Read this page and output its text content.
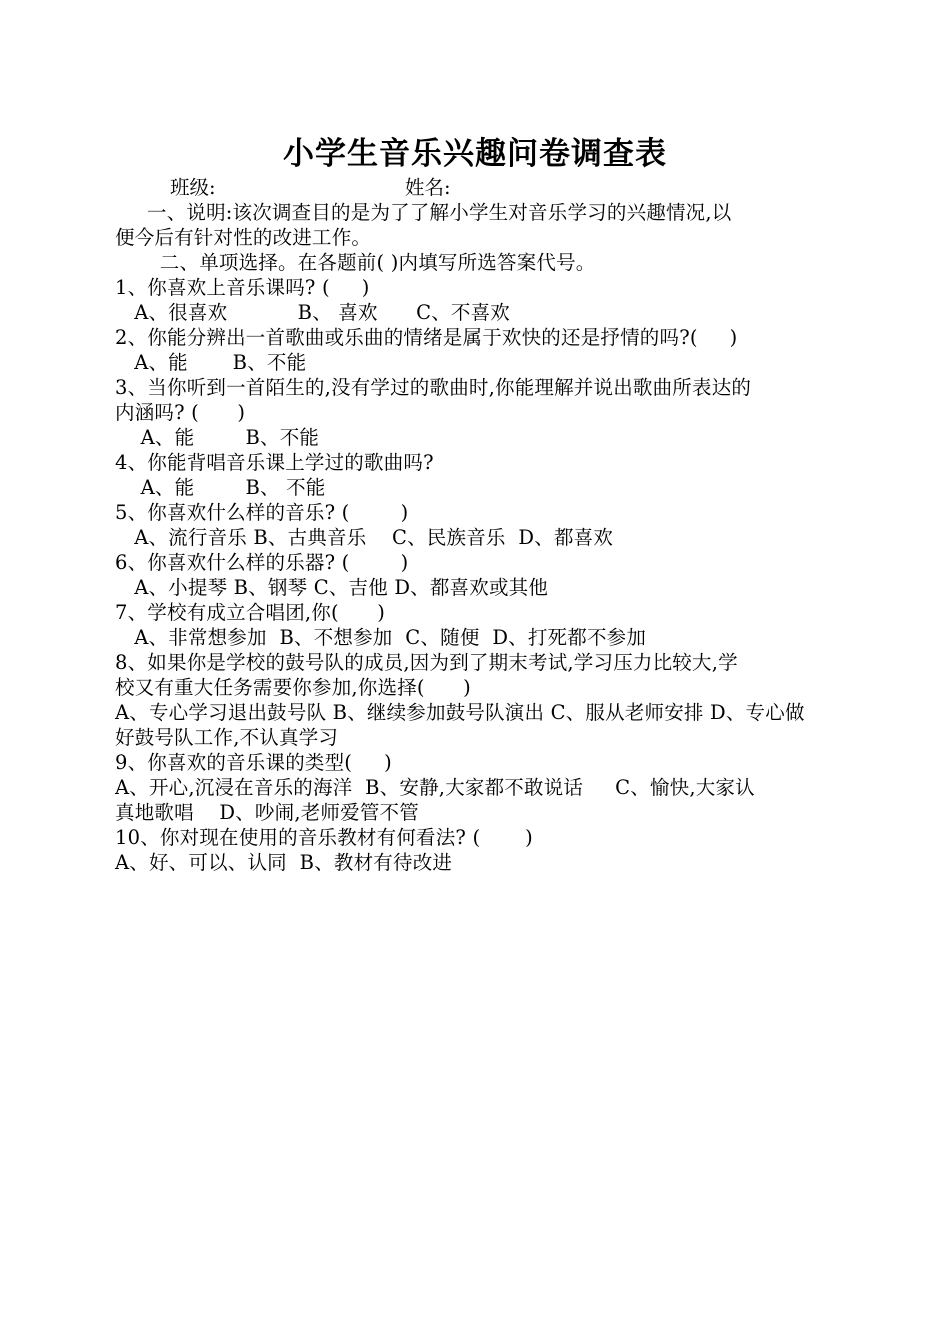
小学生音乐兴趣问卷调查表
班级:	姓名:
一、说明:该次调查目的是为了了解小学生对音乐学习的兴趣情况,以
便今后有针对性的改进工作。
二、单项选择。在各题前( )内填写所选答案代号。
1、你喜欢上音乐课吗? (     )
A、很喜欢           B、 喜欢      C、不喜欢
2、你能分辨出一首歌曲或乐曲的情绪是属于欢快的还是抒情的吗?(     )
A、能       B、不能
3、当你听到一首陌生的,没有学过的歌曲时,你能理解并说出歌曲所表达的
内涵吗? (      )
A、能        B、不能
4、你能背唱音乐课上学过的歌曲吗?
A、能        B、 不能
5、你喜欢什么样的音乐? (        )
A、流行音乐 B、古典音乐    C、民族音乐  D、都喜欢
6、你喜欢什么样的乐器? (        )
A、小提琴 B、钢琴 C、吉他 D、都喜欢或其他
7、学校有成立合唱团,你(      )
A、非常想参加  B、不想参加  C、随便  D、打死都不参加
8、如果你是学校的鼓号队的成员,因为到了期末考试,学习压力比较大,学
校又有重大任务需要你参加,你选择(      )
A、专心学习退出鼓号队 B、继续参加鼓号队演出 C、服从老师安排 D、专心做
好鼓号队工作,不认真学习
9、你喜欢的音乐课的类型(     )
A、开心,沉浸在音乐的海洋  B、安静,大家都不敢说话     C、愉快,大家认
真地歌唱    D、吵闹,老师爱管不管
10、你对现在使用的音乐教材有何看法? (       )
A、好、可以、认同  B、教材有待改进
